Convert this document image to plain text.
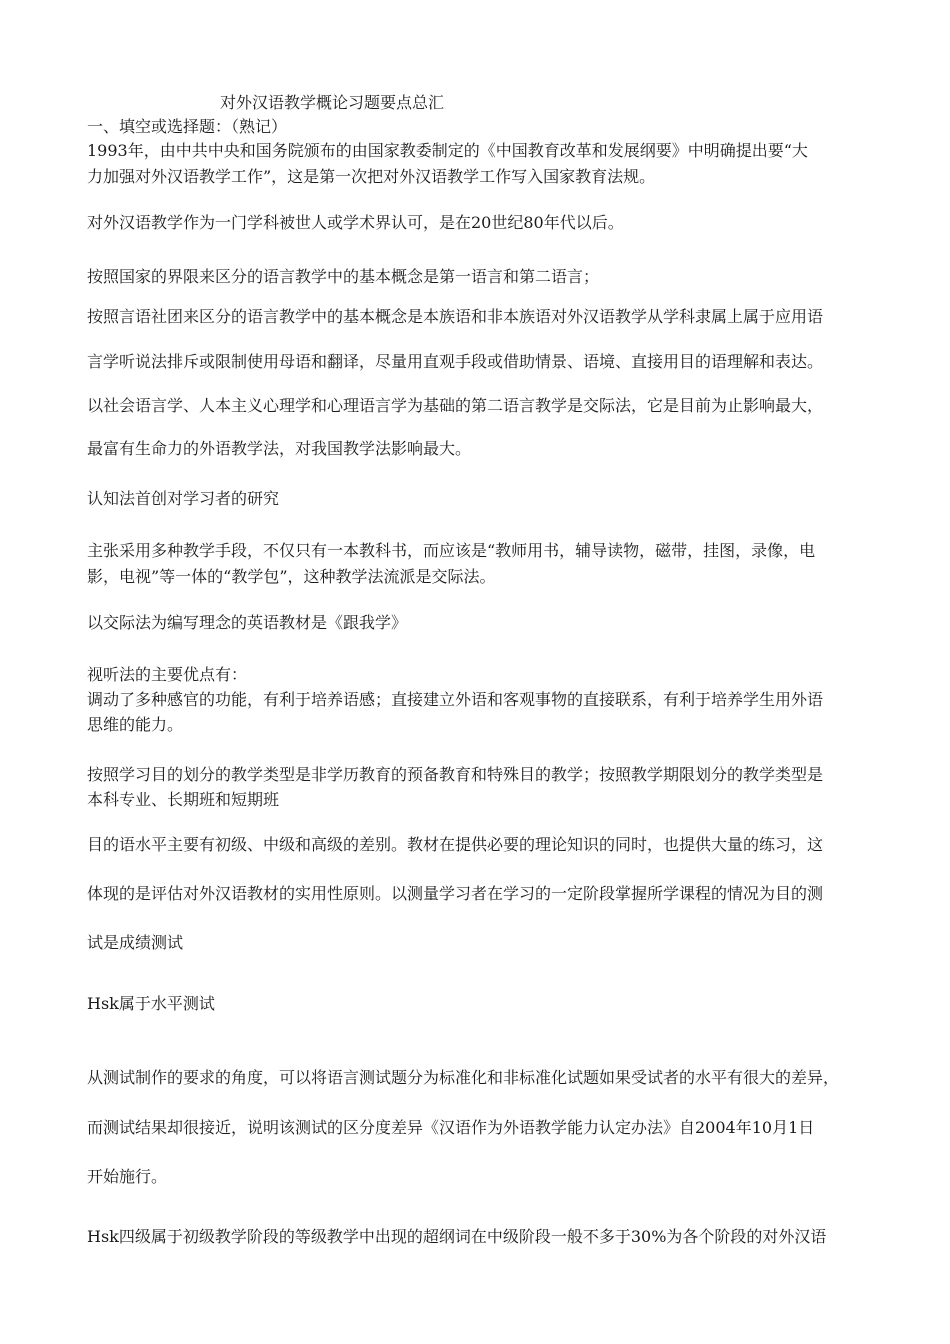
对外汉语教学概论习题要点总汇
一、填空或选择题：（熟记）
1993年，由中共中央和国务院颁布的由国家教委制定的《中国教育改革和发展纲要》中明确提出要“大
力加强对外汉语教学工作”，这是第一次把对外汉语教学工作写入国家教育法规。
对外汉语教学作为一门学科被世人或学术界认可，是在20世纪80年代以后。
按照国家的界限来区分的语言教学中的基本概念是第一语言和第二语言；
按照言语社团来区分的语言教学中的基本概念是本族语和非本族语对外汉语教学从学科隶属上属于应用语
言学听说法排斥或限制使用母语和翻译，尽量用直观手段或借助情景、语境、直接用目的语理解和表达。
以社会语言学、人本主义心理学和心理语言学为基础的第二语言教学是交际法，它是目前为止影响最大，
最富有生命力的外语教学法，对我国教学法影响最大。
认知法首创对学习者的研究
主张采用多种教学手段，不仅只有一本教科书，而应该是“教师用书，辅导读物，磁带，挂图，录像，电
影，电视”等一体的“教学包”，这种教学法流派是交际法。
以交际法为编写理念的英语教材是《跟我学》
视听法的主要优点有：
调动了多种感官的功能，有利于培养语感；直接建立外语和客观事物的直接联系，有利于培养学生用外语
思维的能力。
按照学习目的划分的教学类型是非学历教育的预备教育和特殊目的教学；按照教学期限划分的教学类型是
本科专业、长期班和短期班
目的语水平主要有初级、中级和高级的差别。教材在提供必要的理论知识的同时，也提供大量的练习，这
体现的是评估对外汉语教材的实用性原则。以测量学习者在学习的一定阶段掌握所学课程的情况为目的测
试是成绩测试
Hsk属于水平测试
从测试制作的要求的角度，可以将语言测试题分为标准化和非标准化试题如果受试者的水平有很大的差异，
而测试结果却很接近，说明该测试的区分度差异《汉语作为外语教学能力认定办法》自2004年10月1日
开始施行。
Hsk四级属于初级教学阶段的等级教学中出现的超纲词在中级阶段一般不多于30%为各个阶段的对外汉语
